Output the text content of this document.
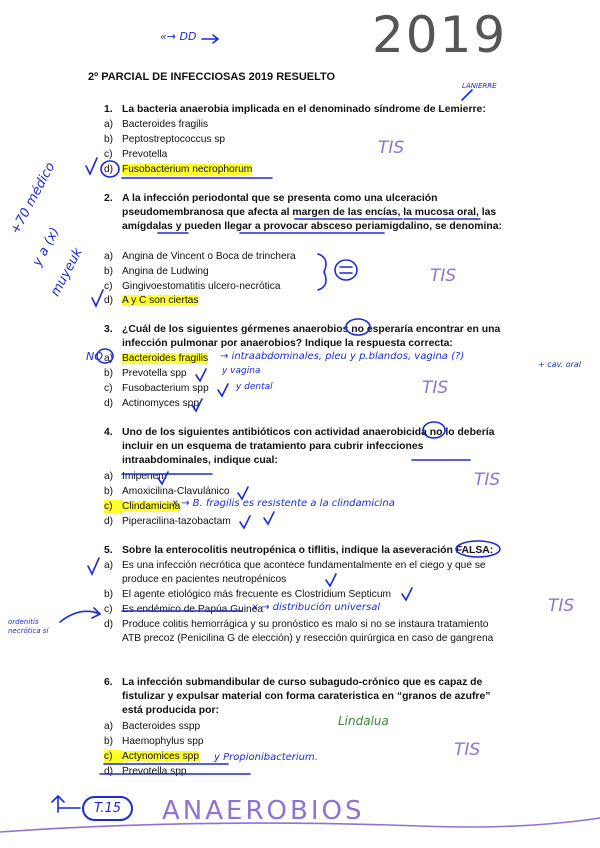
2019
«→ DD
2º PARCIAL DE INFECCIOSAS 2019 RESUELTO
1. La bacteria anaerobia implicada en el denominado síndrome de Lemierre:
a) Bacteroides fragilis
b) Peptostreptococcus sp
c) Prevotella
d) Fusobacterium necrophorum
2. A la infección periodontal que se presenta como una ulceración pseudomembranosa que afecta al margen de las encías, la mucosa oral, las amígdalas y pueden llegar a provocar absceso periamigdalino, se denomina:
a) Angina de Vincent o Boca de trinchera
b) Angina de Ludwing
c) Gingivoestomatitis ulcero-necrótica
d) A y C son ciertas
3. ¿Cuál de los siguientes gérmenes anaerobios no esperaría encontrar en una infección pulmonar por anaerobios? Indique la respuesta correcta:
a) Bacteroides fragilis
b) Prevotella spp
c) Fusobacterium spp
d) Actinomyces spp
4. Uno de los siguientes antibióticos con actividad anaerobicida no lo debería incluir en un esquema de tratamiento para cubrir infecciones intraabdominales, indique cual:
a) Imipenem
b) Amoxicilina-Clavulánico
c) Clindamicina
d) Piperacilina-tazobactam
5. Sobre la enterocolitis neutropénica o tiflitis, indique la aseveración FALSA:
a) Es una infección necrótica que acontece fundamentalmente en el ciego y que se produce en pacientes neutropénicos
b) El agente etiológico más frecuente es Clostridium Septicum
c) Es endémico de Papúa Guinea
d) Produce colitis hemorrágica y su pronóstico es malo si no se instaura tratamiento ATB precoz (Penicilina G de elección) y resección quirúrgica en caso de gangrena
6. La infección submandibular de curso subagudo-crónico que es capaz de fistulizar y expulsar material con forma carateristica en “granos de azufre” está producida por:
a) Bacteroides sspp
b) Haemophylus spp
c) Actynomices spp
d) Prevotella spp
TIS
TIS
TIS
TIS
TIS
TIS
LANIERRE
+70 médico
y a (x)
muyeuk
NO	→ intraabdominales, pleu y p.blandos, vagina (?)
+ cav. oral
y vagina
y dental
x → B. fragilis es resistente a la clindamicina
x → distribución universal
ordenitis necrótica sí
y Propionibacterium.
Lindalua
T.15	ANAEROBIOS
